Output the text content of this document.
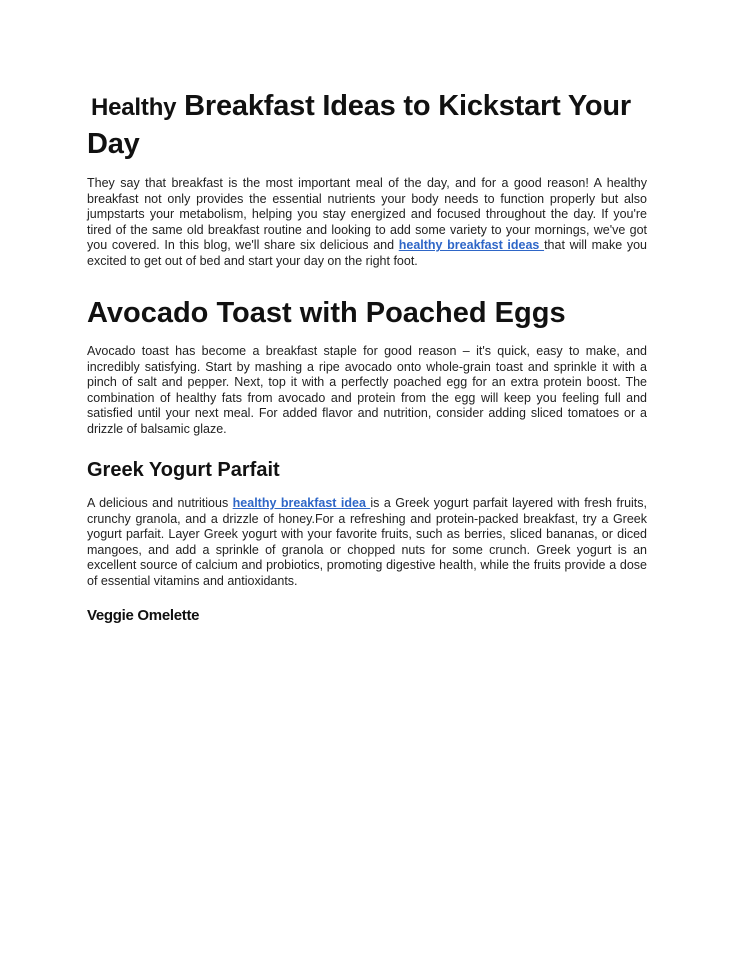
Healthy Breakfast Ideas to Kickstart Your Day

They say that breakfast is the most important meal of the day, and for a good reason! A healthy breakfast not only provides the essential nutrients your body needs to function properly but also jumpstarts your metabolism, helping you stay energized and focused throughout the day. If you're tired of the same old breakfast routine and looking to add some variety to your mornings, we've got you covered. In this blog, we'll share six delicious and healthy breakfast ideas that will make you excited to get out of bed and start your day on the right foot.

Avocado Toast with Poached Eggs

Avocado toast has become a breakfast staple for good reason – it's quick, easy to make, and incredibly satisfying. Start by mashing a ripe avocado onto whole-grain toast and sprinkle it with a pinch of salt and pepper. Next, top it with a perfectly poached egg for an extra protein boost. The combination of healthy fats from avocado and protein from the egg will keep you feeling full and satisfied until your next meal. For added flavor and nutrition, consider adding sliced tomatoes or a drizzle of balsamic glaze.

Greek Yogurt Parfait

A delicious and nutritious healthy breakfast idea is a Greek yogurt parfait layered with fresh fruits, crunchy granola, and a drizzle of honey.For a refreshing and protein-packed breakfast, try a Greek yogurt parfait. Layer Greek yogurt with your favorite fruits, such as berries, sliced bananas, or diced mangoes, and add a sprinkle of granola or chopped nuts for some crunch. Greek yogurt is an excellent source of calcium and probiotics, promoting digestive health, while the fruits provide a dose of essential vitamins and antioxidants.

Veggie Omelette
